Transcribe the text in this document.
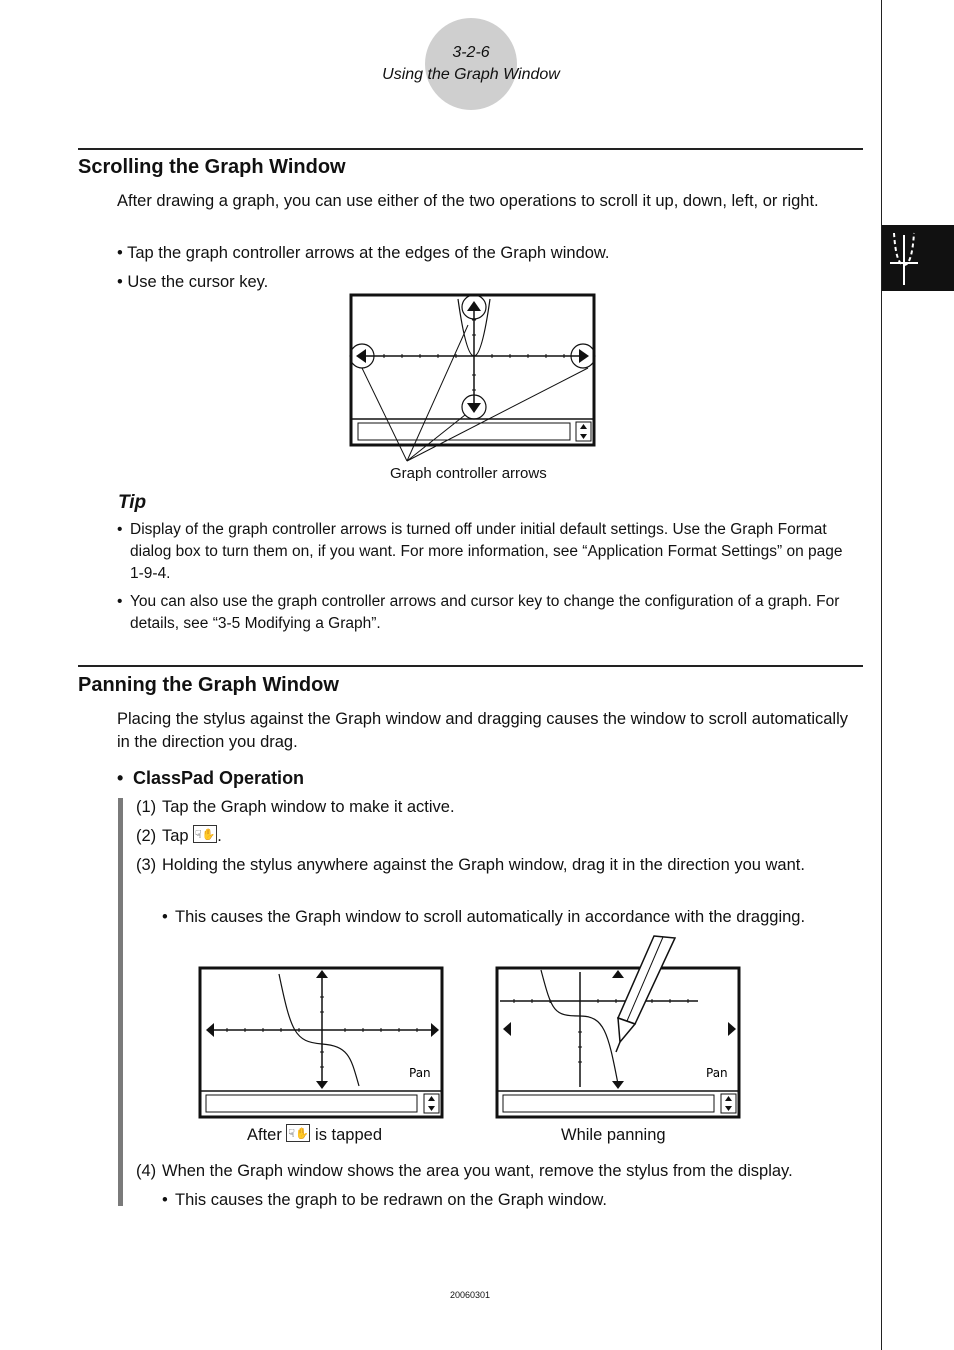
3-2-6
Using the Graph Window
Scrolling the Graph Window
After drawing a graph, you can use either of the two operations to scroll it up, down, left, or right.
• Tap the graph controller arrows at the edges of the Graph window.
• Use the cursor key.
Graph controller arrows
Tip
• Display of the graph controller arrows is turned off under initial default settings. Use the Graph Format dialog box to turn them on, if you want. For more information, see “Application Format Settings” on page 1-9-4.
• You can also use the graph controller arrows and cursor key to change the configuration of a graph. For details, see “3-5 Modifying a Graph”.
Panning the Graph Window
Placing the stylus against the Graph window and dragging causes the window to scroll automatically in the direction you drag.
• ClassPad Operation
(1) Tap the Graph window to make it active.
(2) Tap ☟✋ .
(3) Holding the stylus anywhere against the Graph window, drag it in the direction you want.
• This causes the Graph window to scroll automatically in accordance with the dragging.
Pan	Pan
After ☟✋ is tapped	While panning
(4) When the Graph window shows the area you want, remove the stylus from the display.
• This causes the graph to be redrawn on the Graph window.
20060301
